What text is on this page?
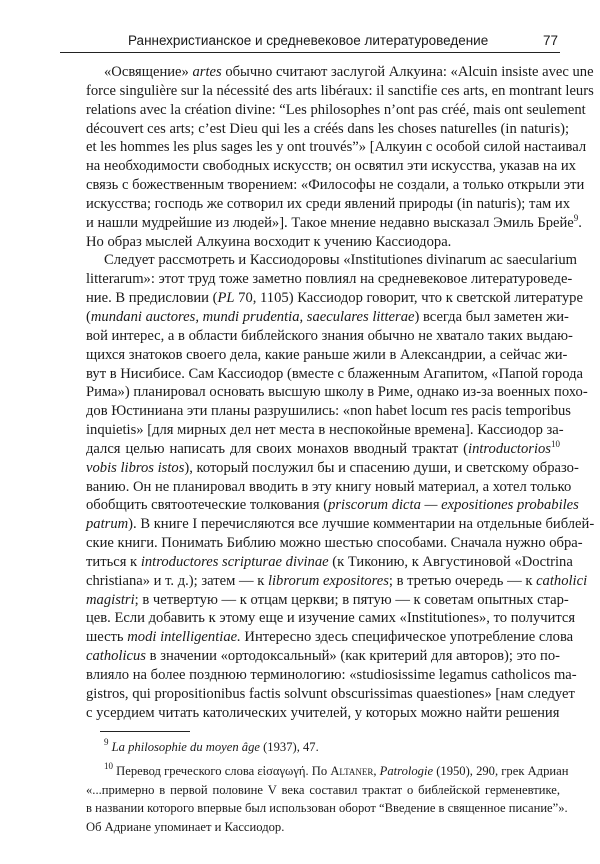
Раннехристианское и средневековое литературоведение	77
«Освящение» artes обычно считают заслугой Алкуина: «Alcuin insiste avec une
force singulière sur la nécessité des arts libéraux: il sanctifie ces arts, en montrant leurs
relations avec la création divine: “Les philosophes n’ont pas créé, mais ont seulement
découvert ces arts; c’est Dieu qui les a créés dans les choses naturelles (in naturis);
et les hommes les plus sages les y ont trouvés”» [Алкуин с особой силой настаивал
на необходимости свободных искусств; он освятил эти искусства, указав на их
связь с божественным творением: «Философы не создали, а только открыли эти
искусства; господь же сотворил их среди явлений природы (in naturis); там их
и нашли мудрейшие из людей»]. Такое мнение недавно высказал Эмиль Брейе$^9$.
Но образ мыслей Алкуина восходит к учению Кассиодора.
Следует рассмотреть и Кассиодоровы «Institutiones divinarum ac saecularium
litterarum»: этот труд тоже заметно повлиял на средневековое литературоведе-
ние. В предисловии (PL 70, 1105) Кассиодор говорит, что к светской литературе
(mundani auctores, mundi prudentia, saeculares litterae) всегда был заметен жи-
вой интерес, а в области библейского знания обычно не хватало таких выдаю-
щихся знатоков своего дела, какие раньше жили в Александрии, а сейчас жи-
вут в Нисибисе. Сам Кассиодор (вместе с блаженным Агапитом, «Папой города
Рима») планировал основать высшую школу в Риме, однако из-за военных похо-
дов Юстиниана эти планы разрушились: «non habet locum res pacis temporibus
inquietis» [для мирных дел нет места в неспокойные времена]. Кассиодор за-
дался целью написать для своих монахов вводный трактат (introductorios$^{10}$
vobis libros istos), который послужил бы и спасению души, и светскому образо-
ванию. Он не планировал вводить в эту книгу новый материал, а хотел только
обобщить святоотеческие толкования (priscorum dicta — expositiones probabiles
patrum). В книге I перечисляются все лучшие комментарии на отдельные библей-
ские книги. Понимать Библию можно шестью способами. Сначала нужно обра-
титься к introductores scripturae divinae (к Тиконию, к Августиновой «Doctrina
christiana» и т. д.); затем — к librorum expositores; в третью очередь — к catholici
magistri; в четвертую — к отцам церкви; в пятую — к советам опытных стар-
цев. Если добавить к этому еще и изучение самих «Institutiones», то получится
шесть modi intelligentiae. Интересно здесь специфическое употребление слова
catholicus в значении «ортодоксальный» (как критерий для авторов); это по-
влияло на более позднюю терминологию: «studiosissime legamus catholicos ma-
gistros, qui propositionibus factis solvunt obscurissimas quaestiones» [нам следует
с усердием читать католических учителей, у которых можно найти решения
$^9$ La philosophie du moyen âge (1937), 47.
$^{10}$ Перевод греческого слова εἰσαγωγή. По Altaner, Patrologie (1950), 290, грек Адриан
«...примерно в первой половине V века составил трактат о библейской герменевтике,
в названии которого впервые был использован оборот “Введение в священное писание”».
Об Адриане упоминает и Кассиодор.
